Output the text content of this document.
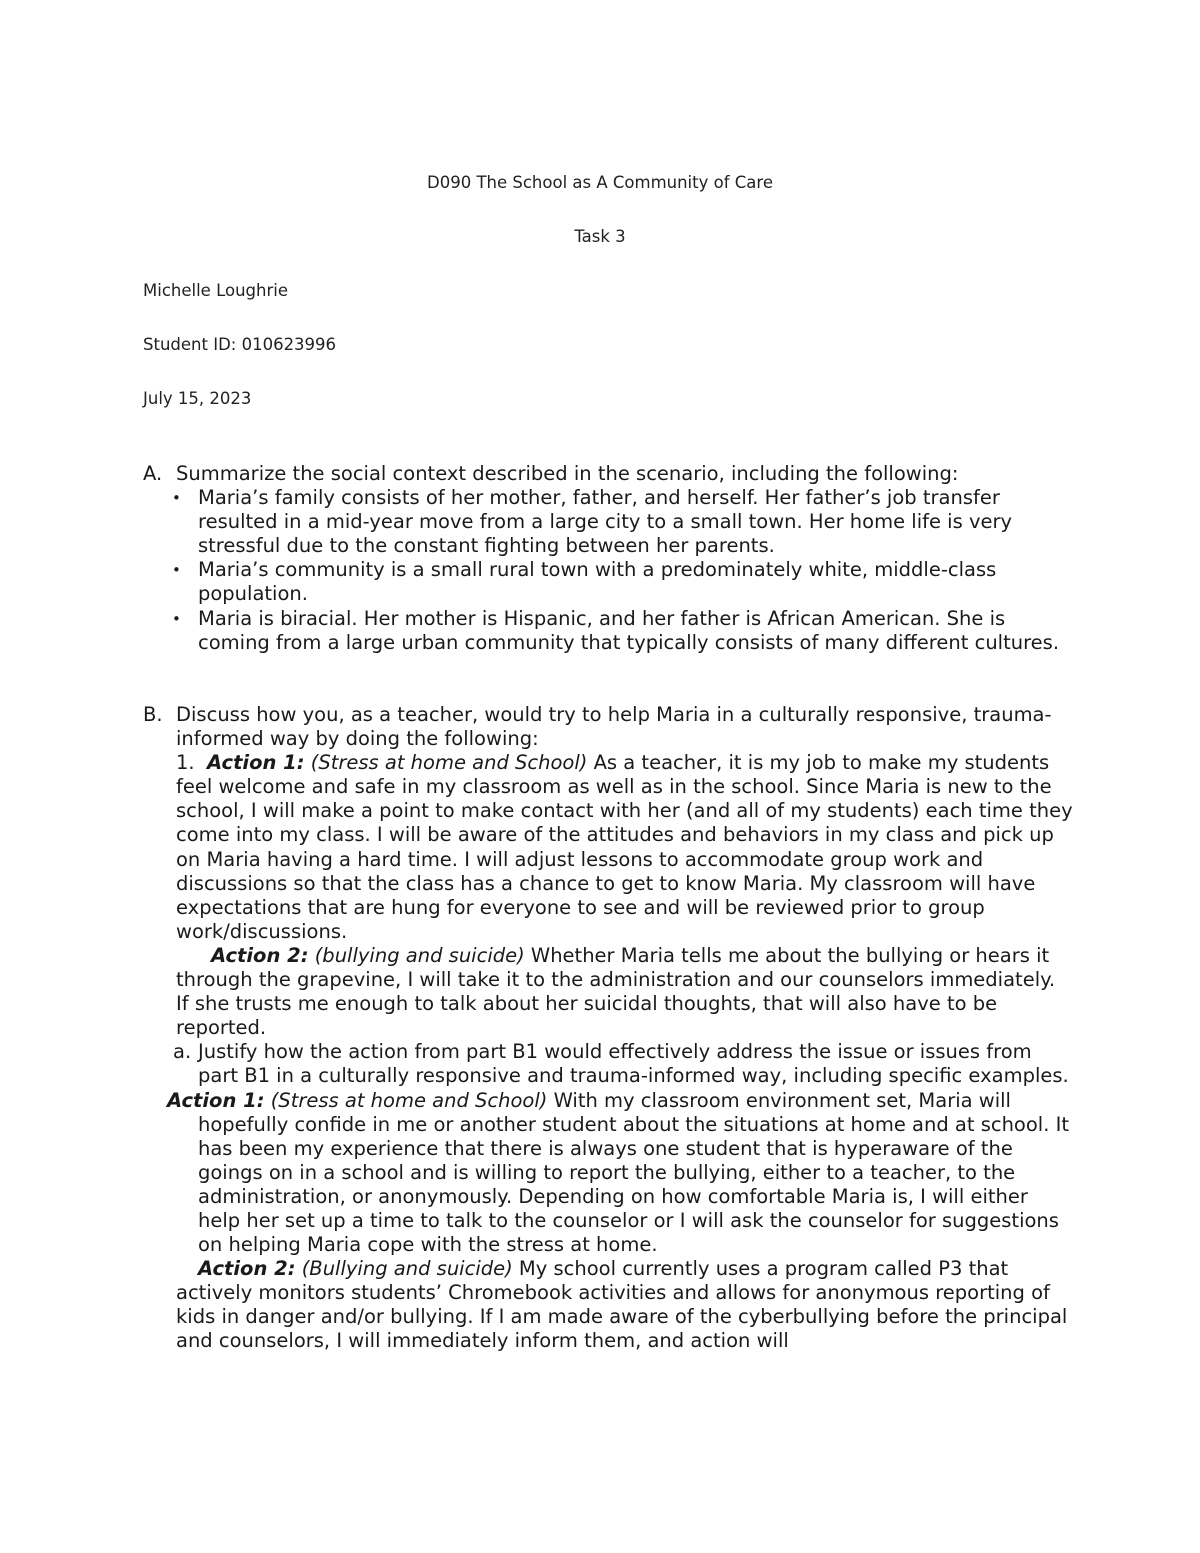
D090 The School as A Community of Care
Task 3
Michelle Loughrie
Student ID: 010623996
July 15, 2023
A. Summarize the social context described in the scenario, including the following:
• Maria’s family consists of her mother, father, and herself. Her father’s job transfer resulted in a mid-year move from a large city to a small town. Her home life is very stressful due to the constant fighting between her parents.
• Maria’s community is a small rural town with a predominately white, middle-class population.
• Maria is biracial. Her mother is Hispanic, and her father is African American. She is coming from a large urban community that typically consists of many different cultures.
B. Discuss how you, as a teacher, would try to help Maria in a culturally responsive, trauma-informed way by doing the following:
1. Action 1: (Stress at home and School) As a teacher, it is my job to make my students feel welcome and safe in my classroom as well as in the school. Since Maria is new to the school, I will make a point to make contact with her (and all of my students) each time they come into my class. I will be aware of the attitudes and behaviors in my class and pick up on Maria having a hard time. I will adjust lessons to accommodate group work and discussions so that the class has a chance to get to know Maria. My classroom will have expectations that are hung for everyone to see and will be reviewed prior to group work/discussions.
Action 2: (bullying and suicide) Whether Maria tells me about the bullying or hears it through the grapevine, I will take it to the administration and our counselors immediately. If she trusts me enough to talk about her suicidal thoughts, that will also have to be reported.
a. Justify how the action from part B1 would effectively address the issue or issues from part B1 in a culturally responsive and trauma-informed way, including specific examples.
Action 1: (Stress at home and School) With my classroom environment set, Maria will hopefully confide in me or another student about the situations at home and at school. It has been my experience that there is always one student that is hyperaware of the goings on in a school and is willing to report the bullying, either to a teacher, to the administration, or anonymously. Depending on how comfortable Maria is, I will either help her set up a time to talk to the counselor or I will ask the counselor for suggestions on helping Maria cope with the stress at home.
Action 2: (Bullying and suicide) My school currently uses a program called P3 that actively monitors students’ Chromebook activities and allows for anonymous reporting of kids in danger and/or bullying. If I am made aware of the cyberbullying before the principal and counselors, I will immediately inform them, and action will
